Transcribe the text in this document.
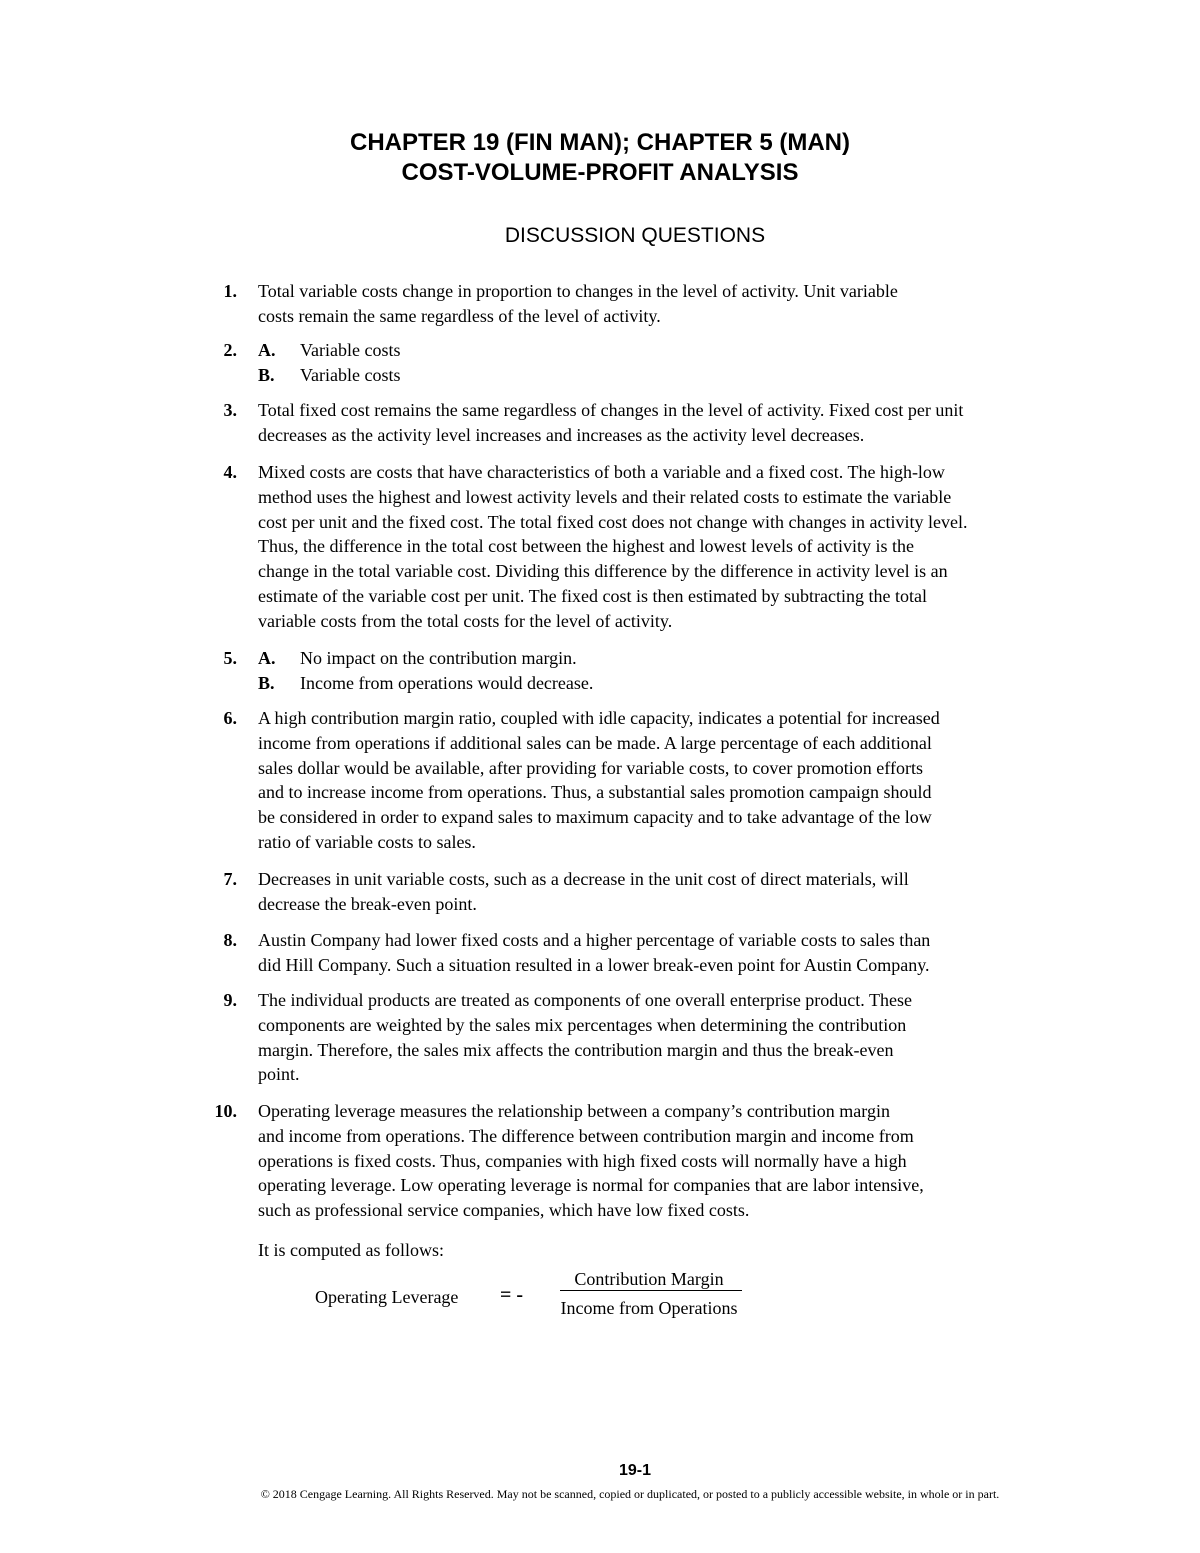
CHAPTER 19 (FIN MAN); CHAPTER 5 (MAN)
COST-VOLUME-PROFIT ANALYSIS
DISCUSSION QUESTIONS
1. Total variable costs change in proportion to changes in the level of activity. Unit variable
costs remain the same regardless of the level of activity.
2. A. Variable costs
B. Variable costs
3. Total fixed cost remains the same regardless of changes in the level of activity. Fixed cost per unit
decreases as the activity level increases and increases as the activity level decreases.
4. Mixed costs are costs that have characteristics of both a variable and a fixed cost. The high-low
method uses the highest and lowest activity levels and their related costs to estimate the variable
cost per unit and the fixed cost. The total fixed cost does not change with changes in activity level.
Thus, the difference in the total cost between the highest and lowest levels of activity is the
change in the total variable cost. Dividing this difference by the difference in activity level is an
estimate of the variable cost per unit. The fixed cost is then estimated by subtracting the total
variable costs from the total costs for the level of activity.
5. A. No impact on the contribution margin.
B. Income from operations would decrease.
6. A high contribution margin ratio, coupled with idle capacity, indicates a potential for increased
income from operations if additional sales can be made. A large percentage of each additional
sales dollar would be available, after providing for variable costs, to cover promotion efforts
and to increase income from operations. Thus, a substantial sales promotion campaign should
be considered in order to expand sales to maximum capacity and to take advantage of the low
ratio of variable costs to sales.
7. Decreases in unit variable costs, such as a decrease in the unit cost of direct materials, will
decrease the break-even point.
8. Austin Company had lower fixed costs and a higher percentage of variable costs to sales than
did Hill Company. Such a situation resulted in a lower break-even point for Austin Company.
9. The individual products are treated as components of one overall enterprise product. These
components are weighted by the sales mix percentages when determining the contribution
margin. Therefore, the sales mix affects the contribution margin and thus the break-even
point.
10. Operating leverage measures the relationship between a company’s contribution margin
and income from operations. The difference between contribution margin and income from
operations is fixed costs. Thus, companies with high fixed costs will normally have a high
operating leverage. Low operating leverage is normal for companies that are labor intensive,
such as professional service companies, which have low fixed costs.
It is computed as follows:
Operating Leverage = -
Contribution Margin
Income from Operations
19-1
© 2018 Cengage Learning. All Rights Reserved. May not be scanned, copied or duplicated, or posted to a publicly accessible website, in whole or in part.
